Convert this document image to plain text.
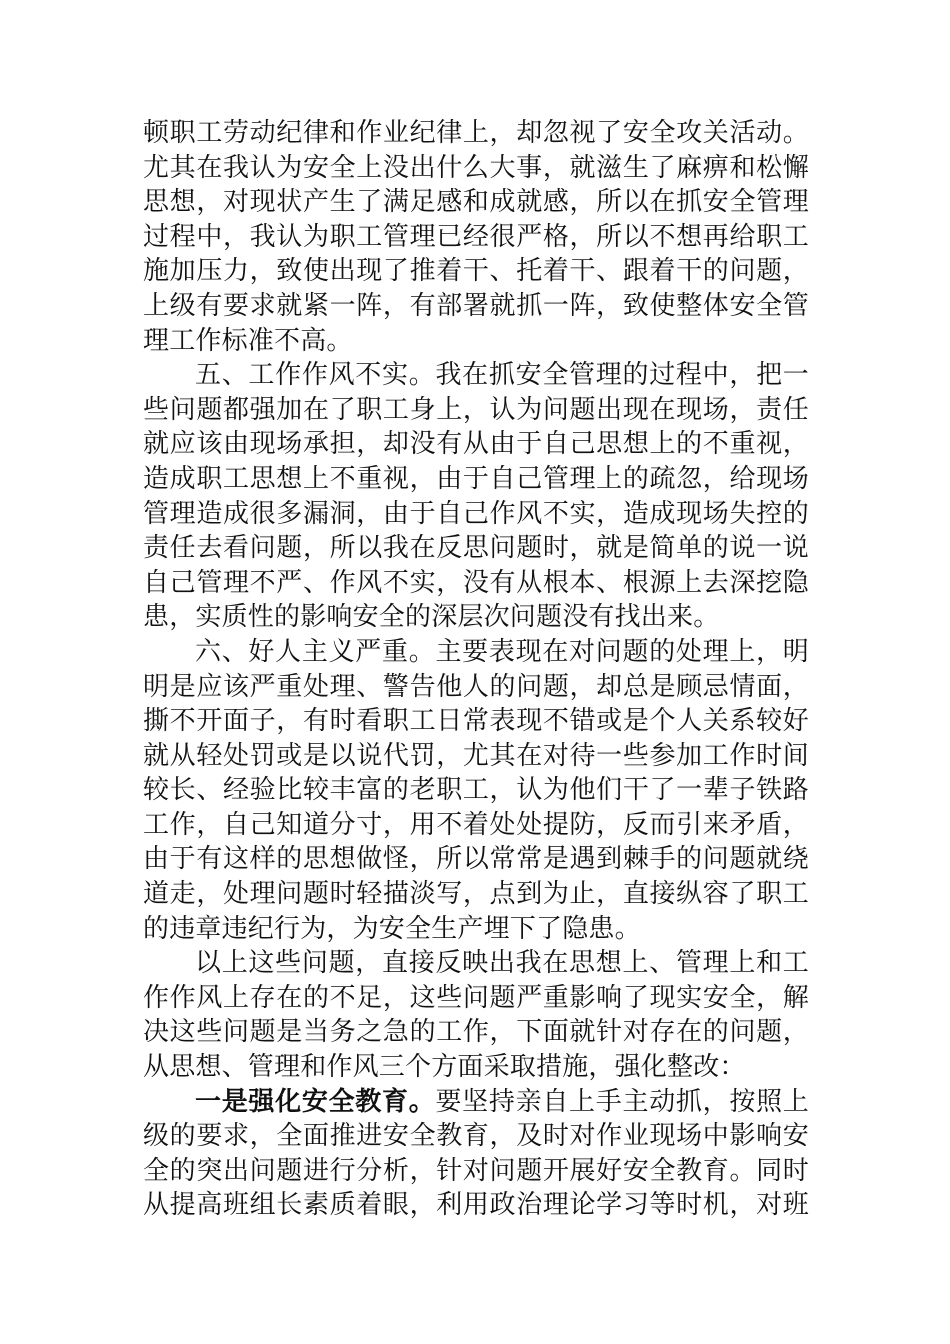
顿职工劳动纪律和作业纪律上，却忽视了安全攻关活动。
尤其在我认为安全上没出什么大事，就滋生了麻痹和松懈
思想，对现状产生了满足感和成就感，所以在抓安全管理
过程中，我认为职工管理已经很严格，所以不想再给职工
施加压力，致使出现了推着干、托着干、跟着干的问题，
上级有要求就紧一阵，有部署就抓一阵，致使整体安全管
理工作标准不高。
五、工作作风不实。我在抓安全管理的过程中，把一
些问题都强加在了职工身上，认为问题出现在现场，责任
就应该由现场承担，却没有从由于自己思想上的不重视，
造成职工思想上不重视，由于自己管理上的疏忽，给现场
管理造成很多漏洞，由于自己作风不实，造成现场失控的
责任去看问题，所以我在反思问题时，就是简单的说一说
自己管理不严、作风不实，没有从根本、根源上去深挖隐
患，实质性的影响安全的深层次问题没有找出来。
六、好人主义严重。主要表现在对问题的处理上，明
明是应该严重处理、警告他人的问题，却总是顾忌情面，
撕不开面子，有时看职工日常表现不错或是个人关系较好
就从轻处罚或是以说代罚，尤其在对待一些参加工作时间
较长、经验比较丰富的老职工，认为他们干了一辈子铁路
工作，自己知道分寸，用不着处处提防，反而引来矛盾，
由于有这样的思想做怪，所以常常是遇到棘手的问题就绕
道走，处理问题时轻描淡写，点到为止，直接纵容了职工
的违章违纪行为，为安全生产埋下了隐患。
以上这些问题，直接反映出我在思想上、管理上和工
作作风上存在的不足，这些问题严重影响了现实安全，解
决这些问题是当务之急的工作，下面就针对存在的问题，
从思想、管理和作风三个方面采取措施，强化整改：
一是强化安全教育。要坚持亲自上手主动抓，按照上
级的要求，全面推进安全教育，及时对作业现场中影响安
全的突出问题进行分析，针对问题开展好安全教育。同时
从提高班组长素质着眼，利用政治理论学习等时机，对班
